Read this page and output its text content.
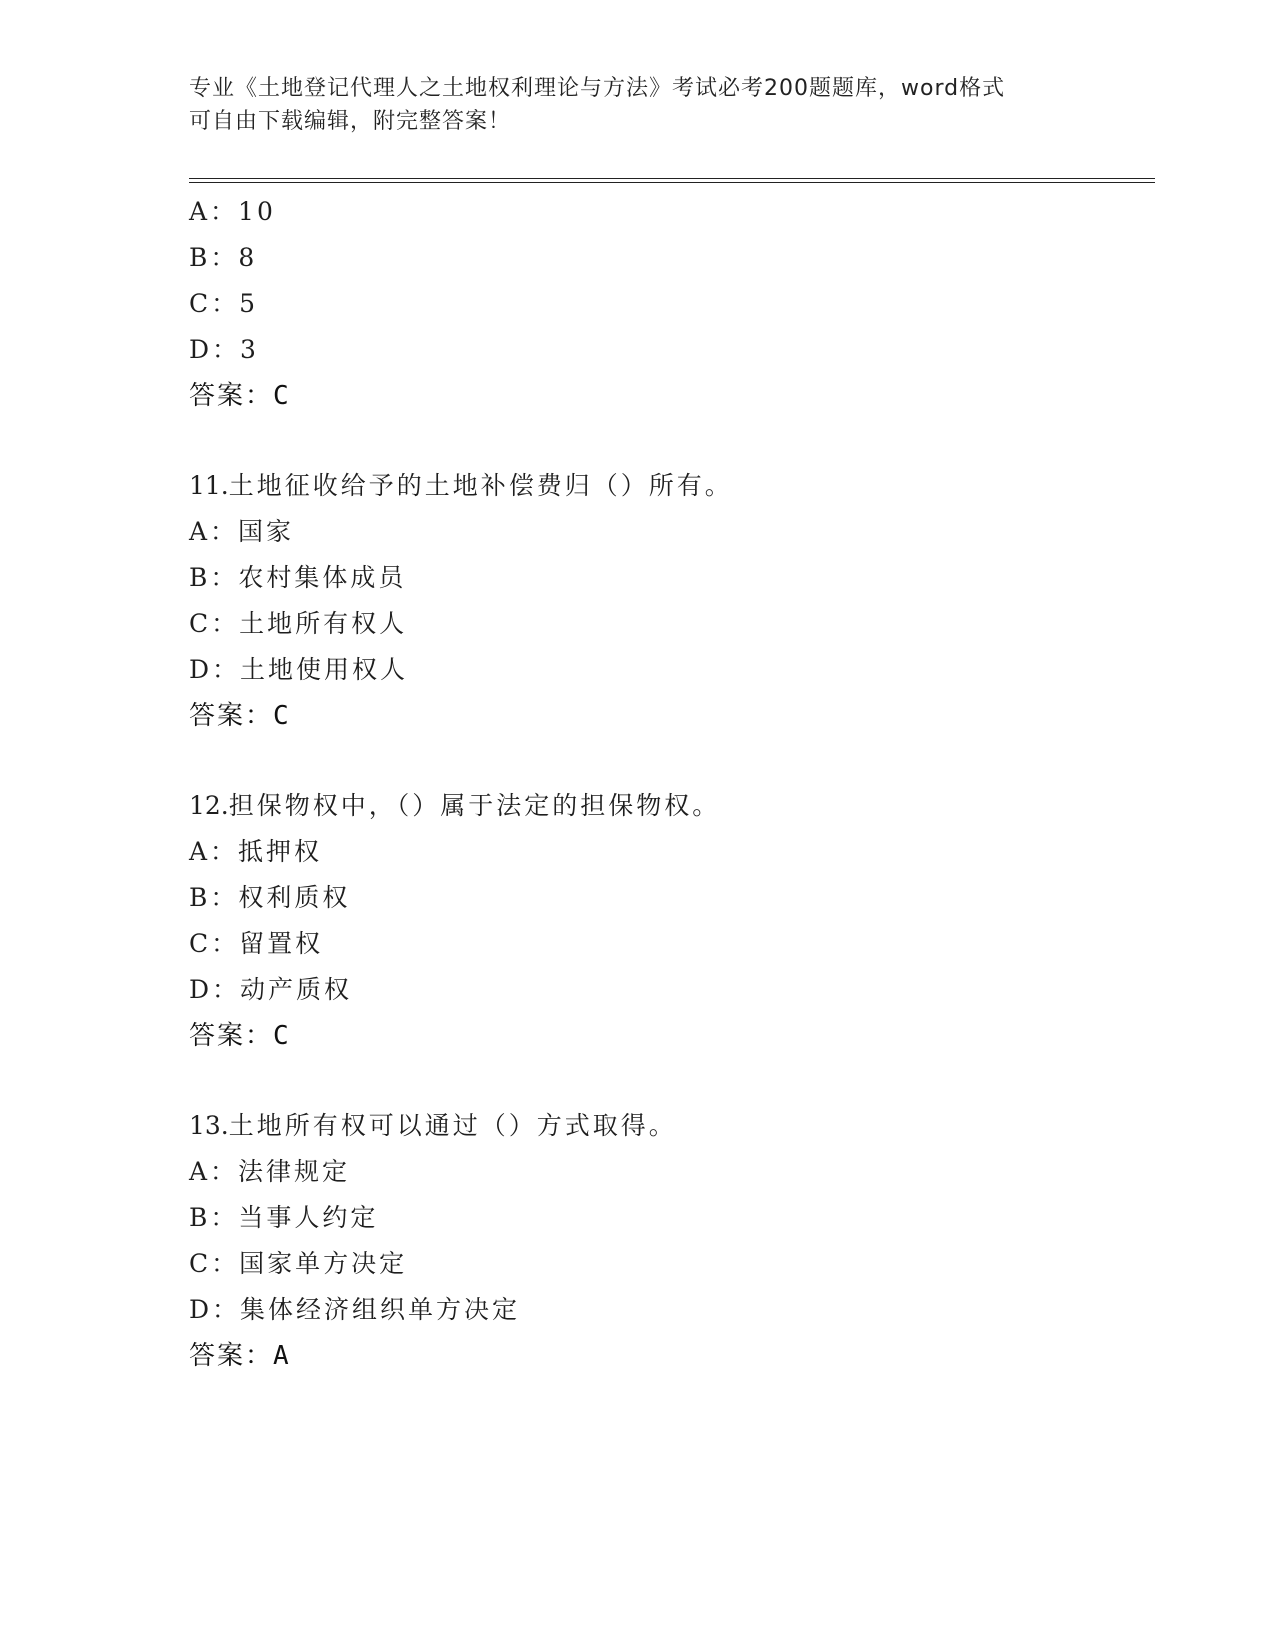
专业《土地登记代理人之土地权利理论与方法》考试必考200题题库，word格式
可自由下载编辑，附完整答案！
A：10
B：8
C：5
D：3
答案：C
11.土地征收给予的土地补偿费归（）所有。
A：国家
B：农村集体成员
C：土地所有权人
D：土地使用权人
答案：C
12.担保物权中，（）属于法定的担保物权。
A：抵押权
B：权利质权
C：留置权
D：动产质权
答案：C
13.土地所有权可以通过（）方式取得。
A：法律规定
B：当事人约定
C：国家单方决定
D：集体经济组织单方决定
答案：A
